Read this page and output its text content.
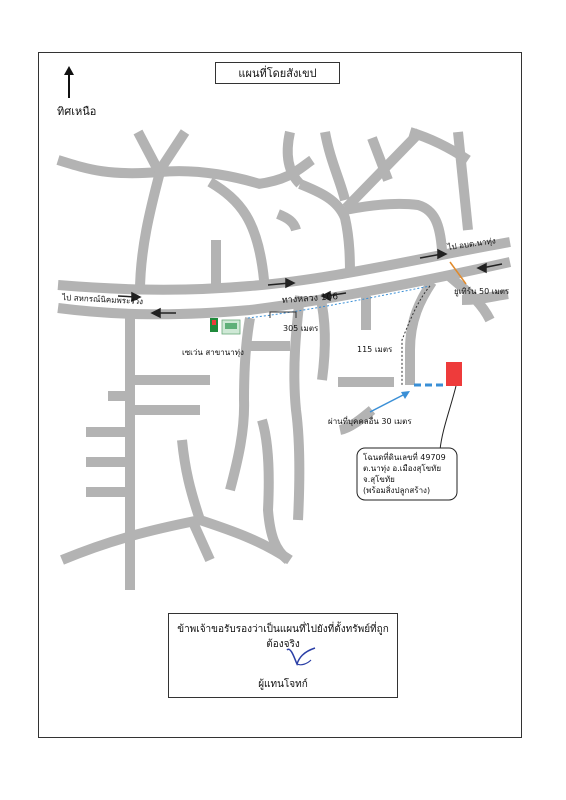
แผนที่โดยสังเขป
ทิศเหนือ
ทางหลวง 106
ไป อบต.นาทุ่ง
ไป สหกรณ์นิคมพระร่วง
ยูเทิร์น 50 เมตร
305 เมตร
115 เมตร
เซเว่น สาขานาทุ่ง
ผ่านที่บุคคลอื่น 30 เมตร
โฉนดที่ดินเลขที่ 49709
ต.นาทุ่ง อ.เมืองสุโขทัย
จ.สุโขทัย
(พร้อมสิ่งปลูกสร้าง)
ข้าพเจ้าขอรับรองว่าเป็นแผนที่ไปยังที่ตั้งทรัพย์ที่ถูกต้องจริง
ผู้แทนโจทก์
